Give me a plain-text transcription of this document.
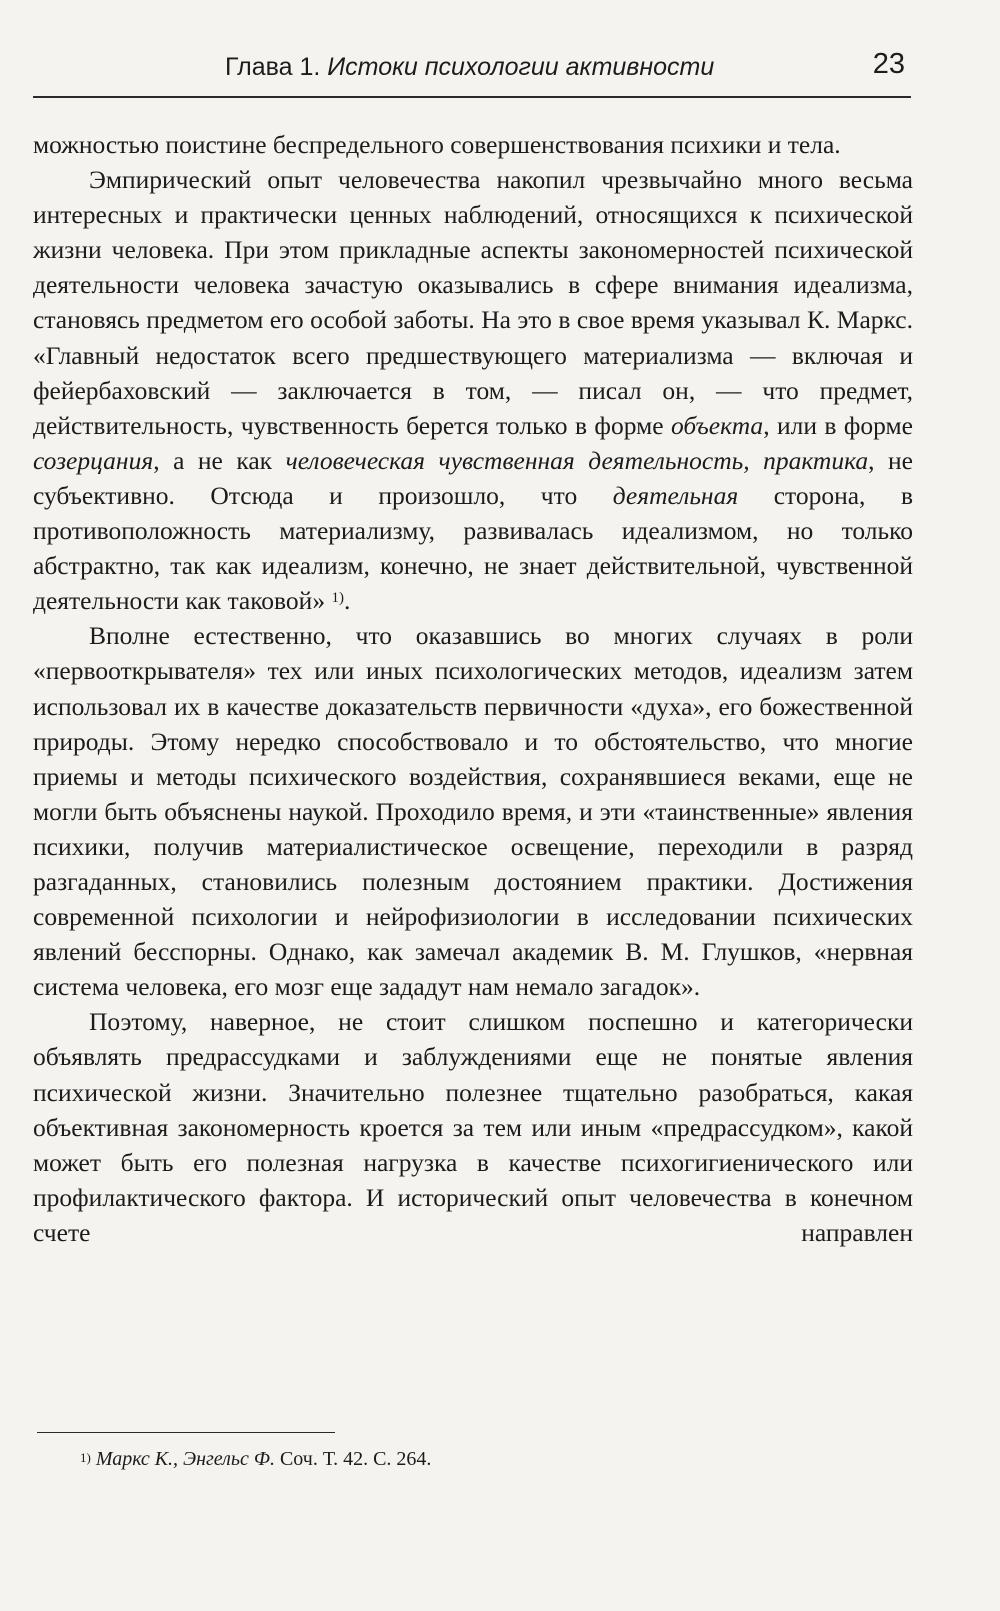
Глава 1. Истоки психологии активности	23

можностью поистине беспредельного совершенствования психики и тела.

Эмпирический опыт человечества накопил чрезвычайно много весьма интересных и практически ценных наблюдений, относящихся к психической жизни человека. При этом прикладные аспекты закономерностей психической деятельности человека зачастую оказывались в сфере внимания идеализма, становясь предметом его особой заботы. На это в свое время указывал К. Маркс. «Главный недостаток всего предшествующего материализма — включая и фейербаховский — заключается в том, — писал он, — что предмет, действительность, чувственность берется только в форме объекта, или в форме созерцания, а не как человеческая чувственная деятельность, практика, не субъективно. Отсюда и произошло, что деятельная сторона, в противоположность материализму, развивалась идеализмом, но только абстрактно, так как идеализм, конечно, не знает действительной, чувственной деятельности как таковой» $^{1)}$.

Вполне естественно, что оказавшись во многих случаях в роли «первооткрывателя» тех или иных психологических методов, идеализм затем использовал их в качестве доказательств первичности «духа», его божественной природы. Этому нередко способствовало и то обстоятельство, что многие приемы и методы психического воздействия, сохранявшиеся веками, еще не могли быть объяснены наукой. Проходило время, и эти «таинственные» явления психики, получив материалистическое освещение, переходили в разряд разгаданных, становились полезным достоянием практики. Достижения современной психологии и нейрофизиологии в исследовании психических явлений бесспорны. Однако, как замечал академик В. М. Глушков, «нервная система человека, его мозг еще зададут нам немало загадок».

Поэтому, наверное, не стоит слишком поспешно и категорически объявлять предрассудками и заблуждениями еще не понятые явления психической жизни. Значительно полезнее тщательно разобраться, какая объективная закономерность кроется за тем или иным «предрассудком», какой может быть его полезная нагрузка в качестве психогигиенического или профилактического фактора. И исторический опыт человечества в конечном счете направлен

$^{1)}$ Маркс К., Энгельс Ф. Соч. Т. 42. С. 264.
